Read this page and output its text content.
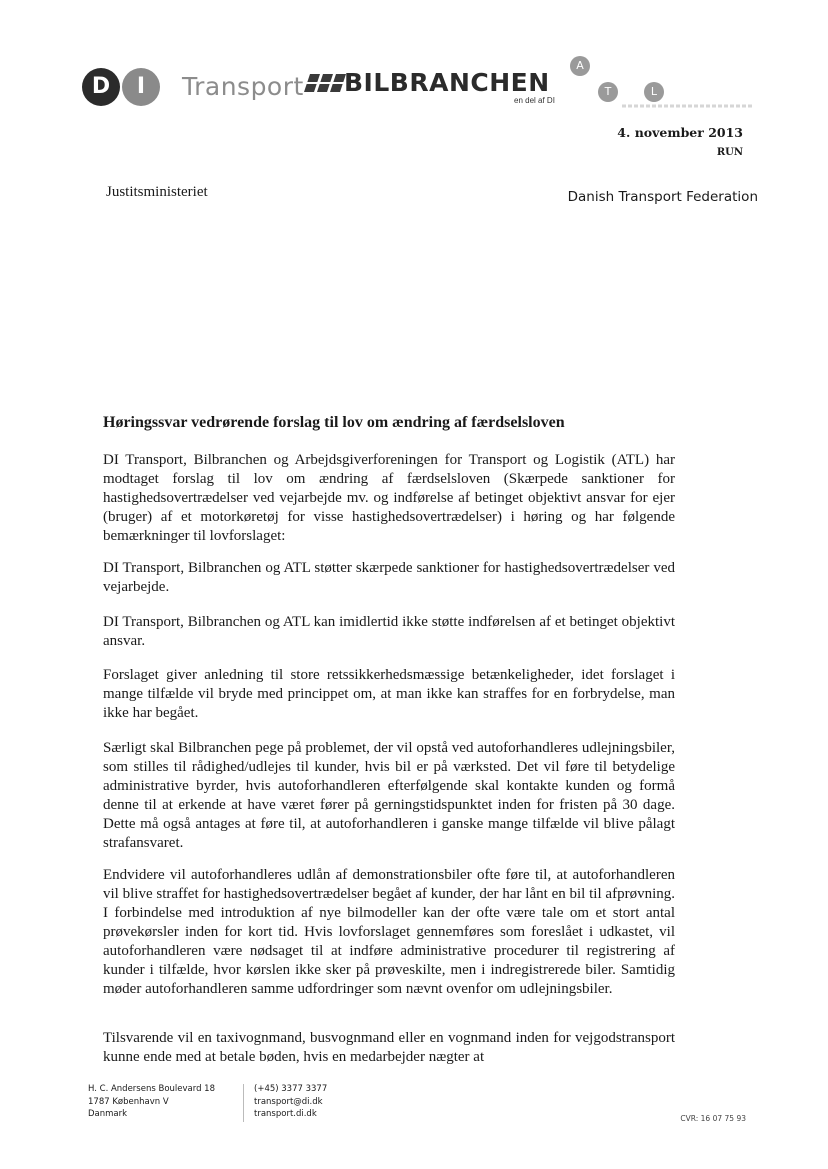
D	I	Transport BILBRANCHEN
en del af DI
A
T	L
4. november 2013
RUN
Justitsministeriet	Danish Transport Federation
Høringssvar vedrørende forslag til lov om ændring af færdselsloven

DI Transport, Bilbranchen og Arbejdsgiverforeningen for Transport og Logistik (ATL) har modtaget forslag til lov om ændring af færdselsloven (Skærpede sanktioner for hastighedsovertrædelser ved vejarbejde mv. og indførelse af betinget objektivt ansvar for ejer (bruger) af et motorkøretøj for visse hastighedsovertrædelser) i høring og har følgende bemærkninger til lovforslaget:

DI Transport, Bilbranchen og ATL støtter skærpede sanktioner for hastighedsovertrædelser ved vejarbejde.

DI Transport, Bilbranchen og ATL kan imidlertid ikke støtte indførelsen af et betinget objektivt ansvar.

Forslaget giver anledning til store retssikkerhedsmæssige betænkeligheder, idet forslaget i mange tilfælde vil bryde med princippet om, at man ikke kan straffes for en forbrydelse, man ikke har begået.

Særligt skal Bilbranchen pege på problemet, der vil opstå ved autoforhandleres udlejningsbiler, som stilles til rådighed/udlejes til kunder, hvis bil er på værksted. Det vil føre til betydelige administrative byrder, hvis autoforhandleren efterfølgende skal kontakte kunden og formå denne til at erkende at have været fører på gerningstidspunktet inden for fristen på 30 dage. Dette må også antages at føre til, at autoforhandleren i ganske mange tilfælde vil blive pålagt strafansvaret.

Endvidere vil autoforhandleres udlån af demonstrationsbiler ofte føre til, at autoforhandleren vil blive straffet for hastighedsovertrædelser begået af kunder, der har lånt en bil til afprøvning. I forbindelse med introduktion af nye bilmodeller kan der ofte være tale om et stort antal prøvekørsler inden for kort tid. Hvis lovforslaget gennemføres som foreslået i udkastet, vil autoforhandleren være nødsaget til at indføre administrative procedurer til registrering af kunder i tilfælde, hvor kørslen ikke sker på prøveskilte, men i indregistrerede biler. Samtidig møder autoforhandleren samme udfordringer som nævnt ovenfor om udlejningsbiler.

Tilsvarende vil en taxivognmand, busvognmand eller en vognmand inden for vejgodstransport kunne ende med at betale bøden, hvis en medarbejder nægter at

H. C. Andersens Boulevard 18
1787 København V
Danmark
(+45) 3377 3377
transport@di.dk
transport.di.dk	CVR: 16 07 75 93
